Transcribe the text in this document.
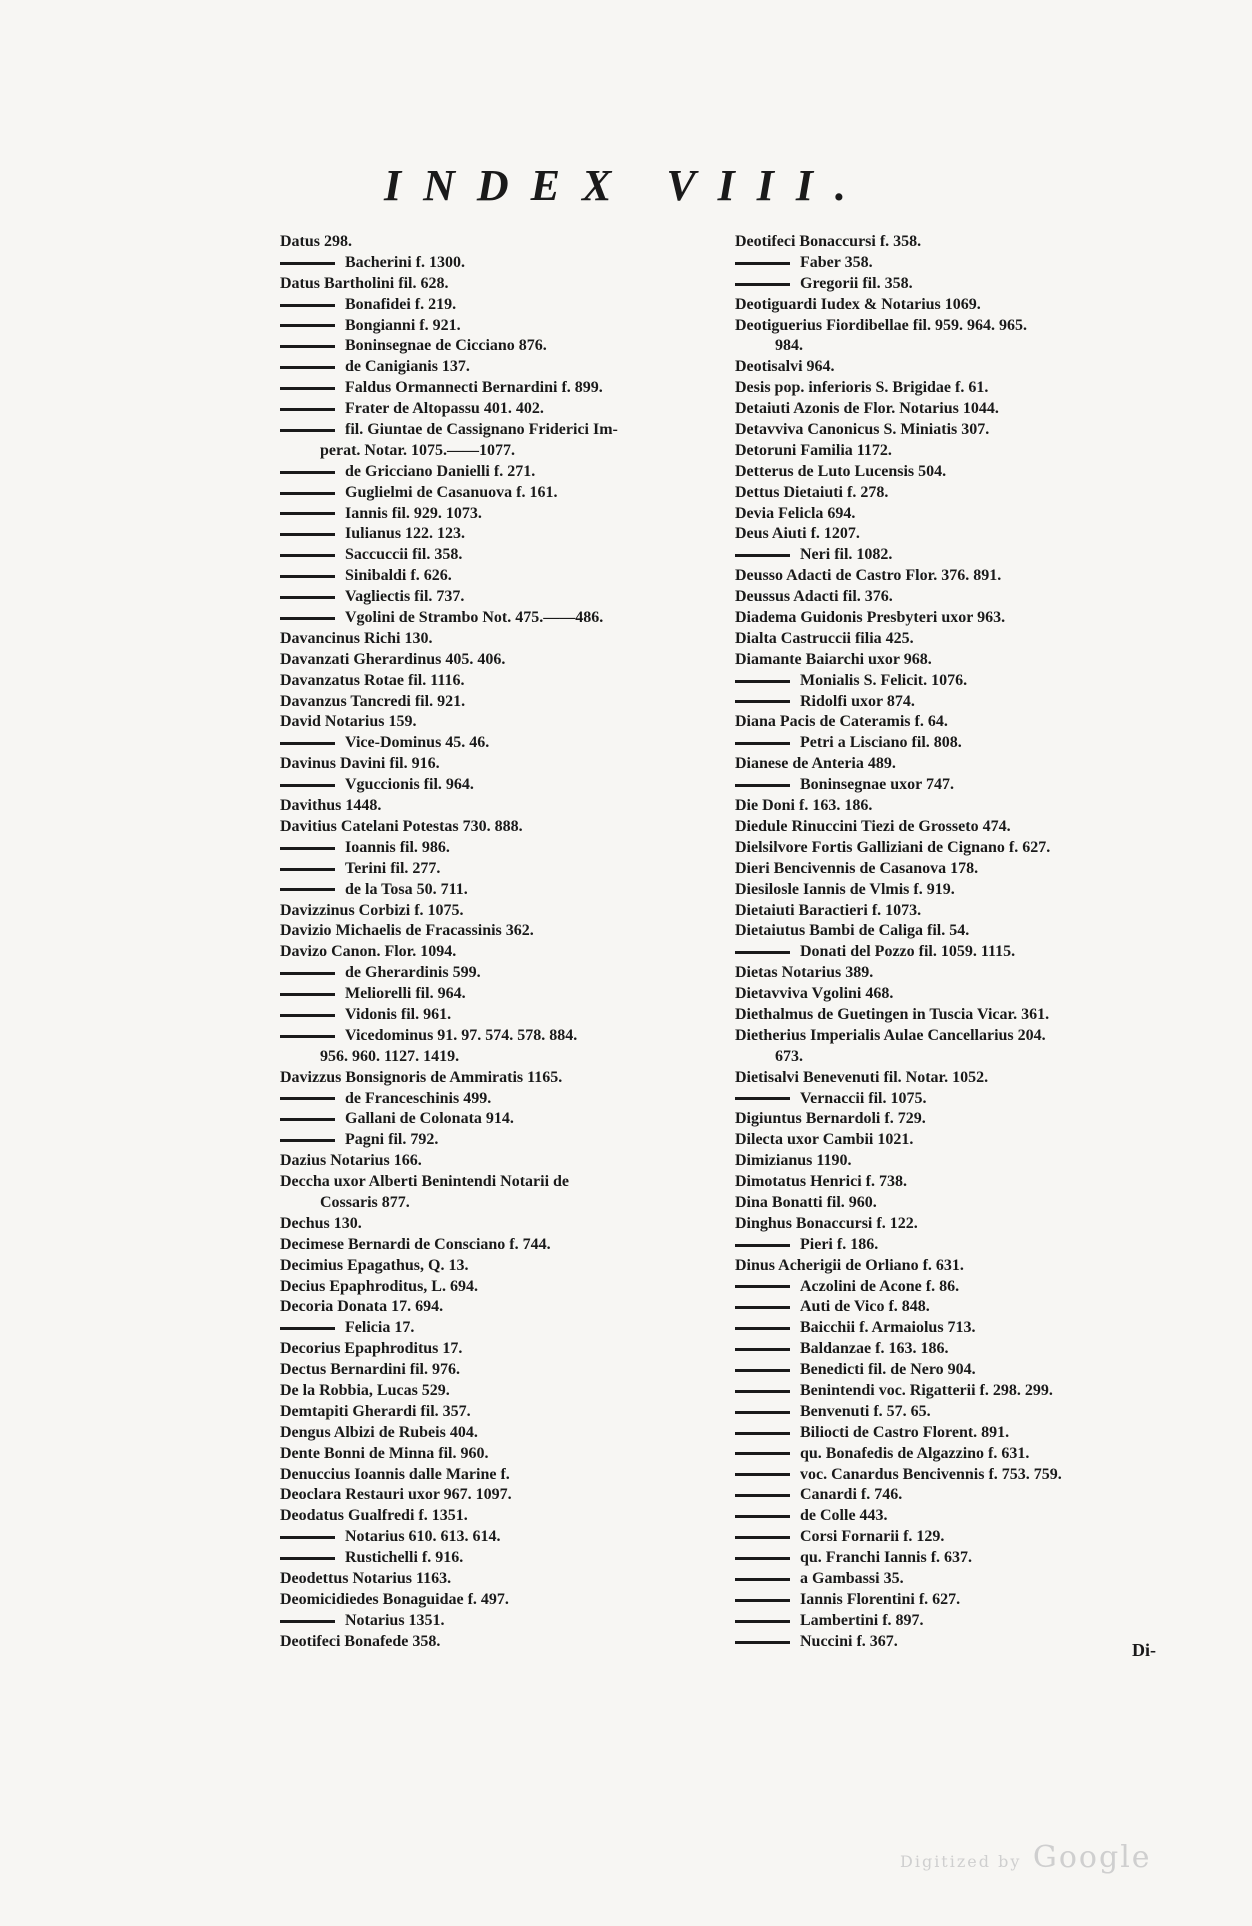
INDEX VIII.
Datus 298.
Bacherini f. 1300.
Datus Bartholini fil. 628.
Bonafidei f. 219.
Bongianni f. 921.
Boninsegnae de Cicciano 876.
de Canigianis 137.
Faldus Ormannecti Bernardini f. 899.
Frater de Altopassu 401. 402.
fil. Giuntae de Cassignano Friderici Im-
perat. Notar. 1075.——1077.
de Gricciano Danielli f. 271.
Guglielmi de Casanuova f. 161.
Iannis fil. 929. 1073.
Iulianus 122. 123.
Saccuccii fil. 358.
Sinibaldi f. 626.
Vagliectis fil. 737.
Vgolini de Strambo Not. 475.——486.
Davancinus Richi 130.
Davanzati Gherardinus 405. 406.
Davanzatus Rotae fil. 1116.
Davanzus Tancredi fil. 921.
David Notarius 159.
Vice-Dominus 45. 46.
Davinus Davini fil. 916.
Vguccionis fil. 964.
Davithus 1448.
Davitius Catelani Potestas 730. 888.
Ioannis fil. 986.
Terini fil. 277.
de la Tosa 50. 711.
Davizzinus Corbizi f. 1075.
Davizio Michaelis de Fracassinis 362.
Davizo Canon. Flor. 1094.
de Gherardinis 599.
Meliorelli fil. 964.
Vidonis fil. 961.
Vicedominus 91. 97. 574. 578. 884.
956. 960. 1127. 1419.
Davizzus Bonsignoris de Ammiratis 1165.
de Franceschinis 499.
Gallani de Colonata 914.
Pagni fil. 792.
Dazius Notarius 166.
Deccha uxor Alberti Benintendi Notarii de
Cossaris 877.
Dechus 130.
Decimese Bernardi de Consciano f. 744.
Decimius Epagathus, Q. 13.
Decius Epaphroditus, L. 694.
Decoria Donata 17. 694.
Felicia 17.
Decorius Epaphroditus 17.
Dectus Bernardini fil. 976.
De la Robbia, Lucas 529.
Demtapiti Gherardi fil. 357.
Dengus Albizi de Rubeis 404.
Dente Bonni de Minna fil. 960.
Denuccius Ioannis dalle Marine f.
Deoclara Restauri uxor 967. 1097.
Deodatus Gualfredi f. 1351.
Notarius 610. 613. 614.
Rustichelli f. 916.
Deodettus Notarius 1163.
Deomicidiedes Bonaguidae f. 497.
Notarius 1351.
Deotifeci Bonafede 358.
Deotifeci Bonaccursi f. 358.
Faber 358.
Gregorii fil. 358.
Deotiguardi Iudex & Notarius 1069.
Deotiguerius Fiordibellae fil. 959. 964. 965.
984.
Deotisalvi 964.
Desis pop. inferioris S. Brigidae f. 61.
Detaiuti Azonis de Flor. Notarius 1044.
Detavviva Canonicus S. Miniatis 307.
Detoruni Familia 1172.
Detterus de Luto Lucensis 504.
Dettus Dietaiuti f. 278.
Devia Felicla 694.
Deus Aiuti f. 1207.
Neri fil. 1082.
Deusso Adacti de Castro Flor. 376. 891.
Deussus Adacti fil. 376.
Diadema Guidonis Presbyteri uxor 963.
Dialta Castruccii filia 425.
Diamante Baiarchi uxor 968.
Monialis S. Felicit. 1076.
Ridolfi uxor 874.
Diana Pacis de Cateramis f. 64.
Petri a Lisciano fil. 808.
Dianese de Anteria 489.
Boninsegnae uxor 747.
Die Doni f. 163. 186.
Diedule Rinuccini Tiezi de Grosseto 474.
Dielsilvore Fortis Galliziani de Cignano f. 627.
Dieri Bencivennis de Casanova 178.
Diesilosle Iannis de Vlmis f. 919.
Dietaiuti Baractieri f. 1073.
Dietaiutus Bambi de Caliga fil. 54.
Donati del Pozzo fil. 1059. 1115.
Dietas Notarius 389.
Dietavviva Vgolini 468.
Diethalmus de Guetingen in Tuscia Vicar. 361.
Dietherius Imperialis Aulae Cancellarius 204.
673.
Dietisalvi Benevenuti fil. Notar. 1052.
Vernaccii fil. 1075.
Digiuntus Bernardoli f. 729.
Dilecta uxor Cambii 1021.
Dimizianus 1190.
Dimotatus Henrici f. 738.
Dina Bonatti fil. 960.
Dinghus Bonaccursi f. 122.
Pieri f. 186.
Dinus Acherigii de Orliano f. 631.
Aczolini de Acone f. 86.
Auti de Vico f. 848.
Baicchii f. Armaiolus 713.
Baldanzae f. 163. 186.
Benedicti fil. de Nero 904.
Benintendi voc. Rigatterii f. 298. 299.
Benvenuti f. 57. 65.
Biliocti de Castro Florent. 891.
qu. Bonafedis de Algazzino f. 631.
voc. Canardus Bencivennis f. 753. 759.
Canardi f. 746.
de Colle 443.
Corsi Fornarii f. 129.
qu. Franchi Iannis f. 637.
a Gambassi 35.
Iannis Florentini f. 627.
Lambertini f. 897.
Nuccini f. 367.	Di-
Digitized by Google
